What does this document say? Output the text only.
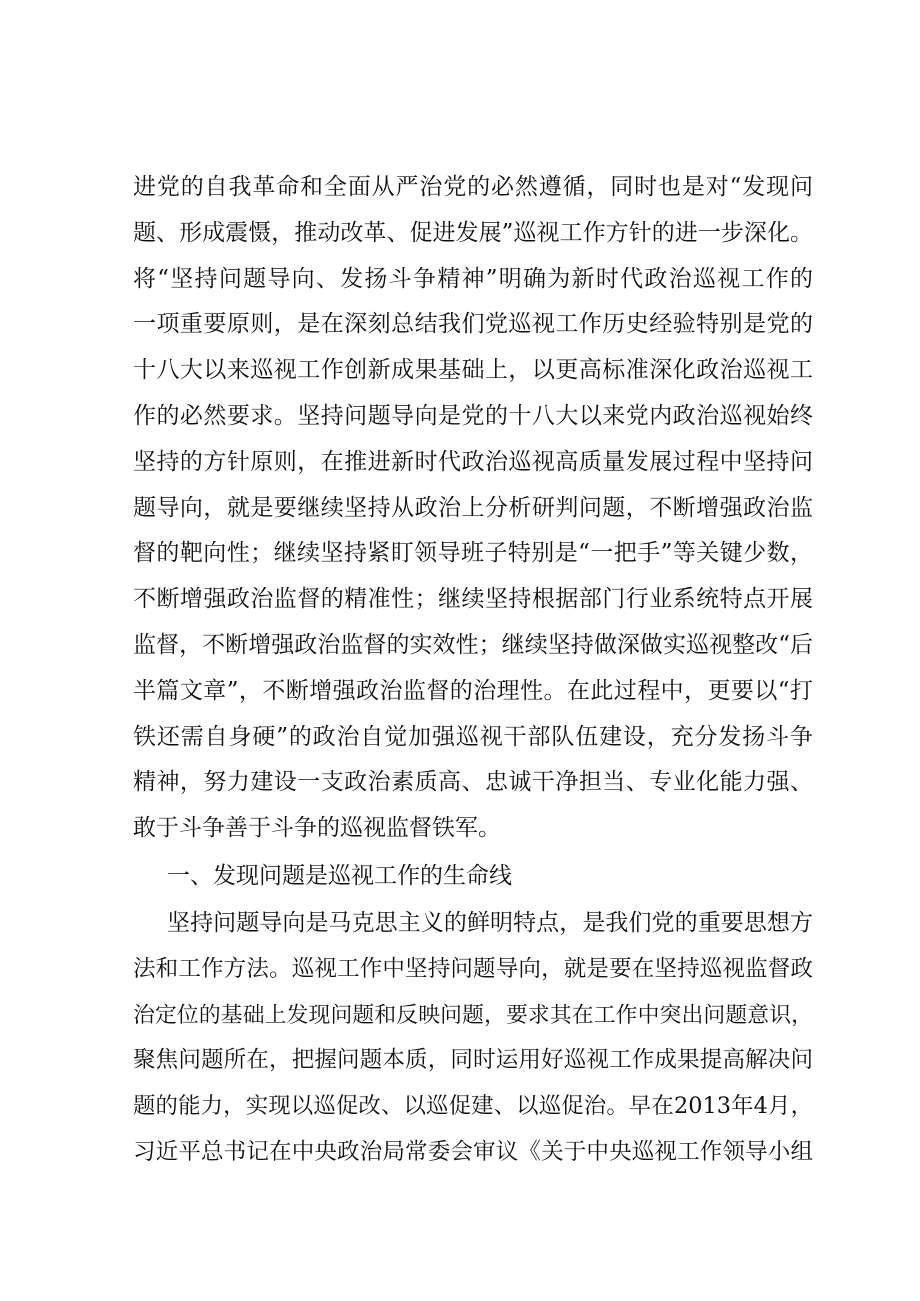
进党的自我革命和全面从严治党的必然遵循，同时也是对“发现问
题、形成震慑，推动改革、促进发展”巡视工作方针的进一步深化。
将“坚持问题导向、发扬斗争精神”明确为新时代政治巡视工作的
一项重要原则，是在深刻总结我们党巡视工作历史经验特别是党的
十八大以来巡视工作创新成果基础上，以更高标准深化政治巡视工
作的必然要求。坚持问题导向是党的十八大以来党内政治巡视始终
坚持的方针原则，在推进新时代政治巡视高质量发展过程中坚持问
题导向，就是要继续坚持从政治上分析研判问题，不断增强政治监
督的靶向性；继续坚持紧盯领导班子特别是“一把手”等关键少数，
不断增强政治监督的精准性；继续坚持根据部门行业系统特点开展
监督，不断增强政治监督的实效性；继续坚持做深做实巡视整改“后
半篇文章”，不断增强政治监督的治理性。在此过程中，更要以“打
铁还需自身硬”的政治自觉加强巡视干部队伍建设，充分发扬斗争
精神，努力建设一支政治素质高、忠诚干净担当、专业化能力强、
敢于斗争善于斗争的巡视监督铁军。
一、发现问题是巡视工作的生命线
坚持问题导向是马克思主义的鲜明特点，是我们党的重要思想方
法和工作方法。巡视工作中坚持问题导向，就是要在坚持巡视监督政
治定位的基础上发现问题和反映问题，要求其在工作中突出问题意识，
聚焦问题所在，把握问题本质，同时运用好巡视工作成果提高解决问
题的能力，实现以巡促改、以巡促建、以巡促治。早在2013年4月，
习近平总书记在中央政治局常委会审议《关于中央巡视工作领导小组
